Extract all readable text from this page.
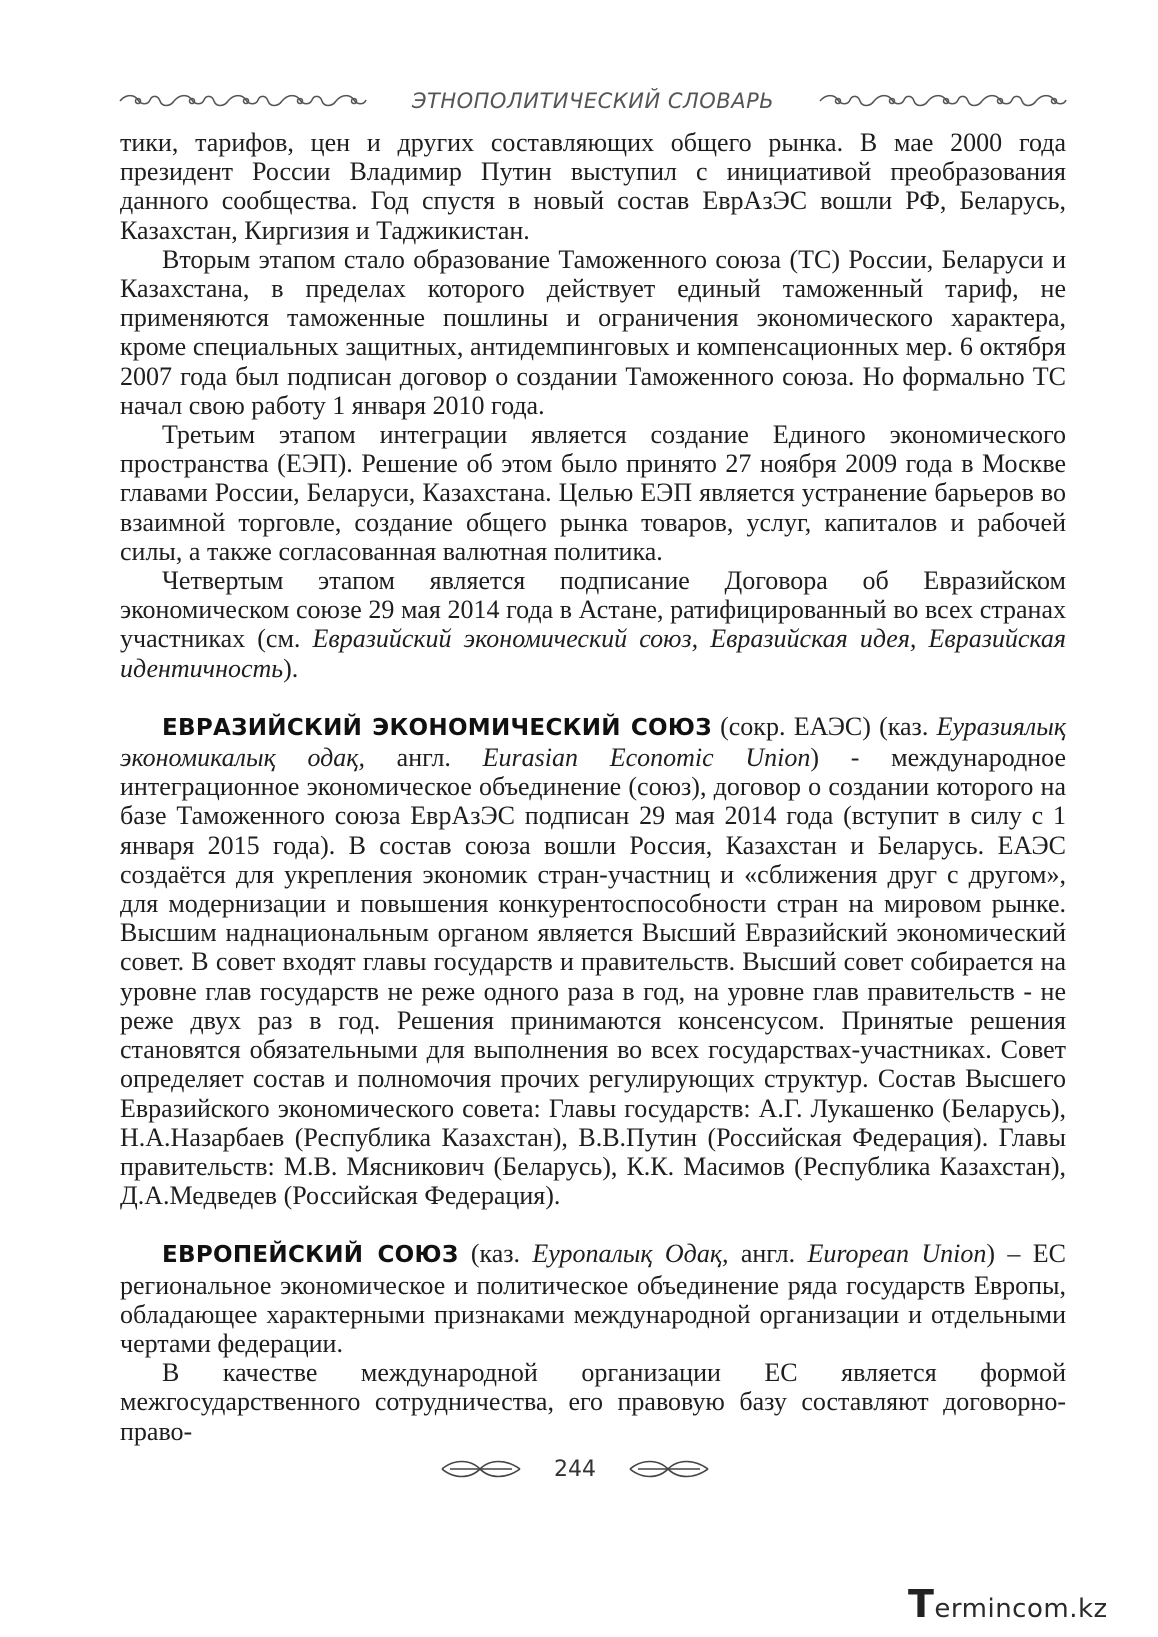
ЭТНОПОЛИТИЧЕСКИЙ СЛОВАРЬ

тики, тарифов, цен и других составляющих общего рынка. В мае 2000 года президент России Владимир Путин выступил с инициативой преобразования данного сообщества. Год спустя в новый состав ЕврАзЭС вошли РФ, Беларусь, Казахстан, Киргизия и Таджикистан.

Вторым этапом стало образование Таможенного союза (ТС) России, Беларуси и Казахстана, в пределах которого действует единый таможенный тариф, не применяются таможенные пошлины и ограничения экономического характера, кроме специальных защитных, антидемпинговых и компенсационных мер. 6 октября 2007 года был подписан договор о создании Таможенного союза. Но формально ТС начал свою работу 1 января 2010 года.

Третьим этапом интеграции является создание Единого экономического пространства (ЕЭП). Решение об этом было принято 27 ноября 2009 года в Москве главами России, Беларуси, Казахстана. Целью ЕЭП является устранение барьеров во взаимной торговле, создание общего рынка товаров, услуг, капиталов и рабочей силы, а также согласованная валютная политика.

Четвертым этапом является подписание Договора об Евразийском экономическом союзе 29 мая 2014 года в Астане, ратифицированный во всех странах участниках (см. Евразийский экономический союз, Евразийская идея, Евразийская идентичность).

ЕВРАЗИЙСКИЙ ЭКОНОМИЧЕСКИЙ СОЮЗ (сокр. ЕАЭС) (каз. Еуразиялық экономикалық одақ, англ. Eurasian Economic Union) - международное интеграционное экономическое объединение (союз), договор о создании которого на базе Таможенного союза ЕврАзЭС подписан 29 мая 2014 года (вступит в силу с 1 января 2015 года). В состав союза вошли Россия, Казахстан и Беларусь. ЕАЭС создаётся для укрепления экономик стран-участниц и «сближения друг с другом», для модернизации и повышения конкурентоспособности стран на мировом рынке. Высшим наднациональным органом является Высший Евразийский экономический совет. В совет входят главы государств и правительств. Высший совет собирается на уровне глав государств не реже одного раза в год, на уровне глав правительств - не реже двух раз в год. Решения принимаются консенсусом. Принятые решения становятся обязательными для выполнения во всех государствах-участниках. Совет определяет состав и полномочия прочих регулирующих структур. Состав Высшего Евразийского экономического совета: Главы государств: А.Г. Лукашенко (Беларусь), Н.А.Назарбаев (Республика Казахстан), В.В.Путин (Российская Федерация). Главы правительств: М.В. Мясникович (Беларусь), К.К. Масимов (Республика Казахстан), Д.А.Медведев (Российская Федерация).

ЕВРОПЕЙСКИЙ СОЮЗ (каз. Еуропалық Одақ, англ. European Union) – ЕС региональное экономическое и политическое объединение ряда государств Европы, обладающее характерными признаками международной организации и отдельными чертами федерации.

В качестве международной организации ЕС является формой межгосударственного сотрудничества, его правовую базу составляют договорно-право-

244
T erminc o m.kz
